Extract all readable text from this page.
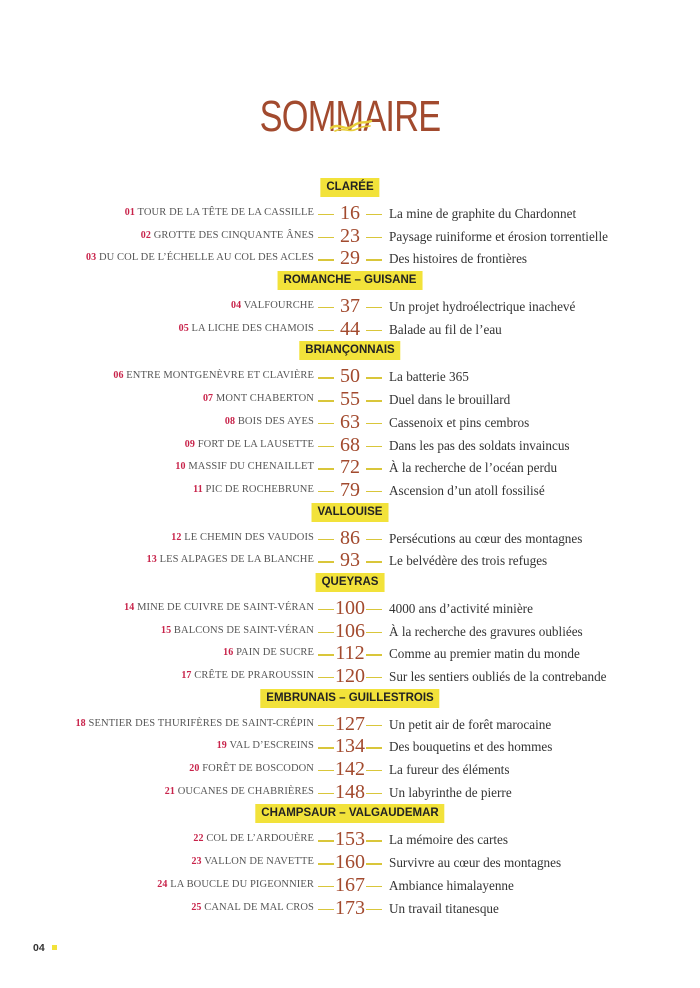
SOMMAIRE
CLARÉE
01 TOUR DE LA TÊTE DE LA CASSILLE	16	La mine de graphite du Chardonnet
02 GROTTE DES CINQUANTE ÂNES	23	Paysage ruiniforme et érosion torrentielle
03 DU COL DE L’ÉCHELLE AU COL DES ACLES	29	Des histoires de frontières
ROMANCHE – GUISANE
04 VALFOURCHE	37	Un projet hydroélectrique inachevé
05 LA LICHE DES CHAMOIS	44	Balade au fil de l’eau
BRIANÇONNAIS
06 ENTRE MONTGENÈVRE ET CLAVIÈRE	50	La batterie 365
07 MONT CHABERTON	55	Duel dans le brouillard
08 BOIS DES AYES	63	Cassenoix et pins cembros
09 FORT DE LA LAUSETTE	68	Dans les pas des soldats invaincus
10 MASSIF DU CHENAILLET	72	À la recherche de l’océan perdu
11 PIC DE ROCHEBRUNE	79	Ascension d’un atoll fossilisé
VALLOUISE
12 LE CHEMIN DES VAUDOIS	86	Persécutions au cœur des montagnes
13 LES ALPAGES DE LA BLANCHE	93	Le belvédère des trois refuges
QUEYRAS
14 MINE DE CUIVRE DE SAINT-VÉRAN 100	4000 ans d’activité minière
15 BALCONS DE SAINT-VÉRAN 106	À la recherche des gravures oubliées
16 PAIN DE SUCRE 112	Comme au premier matin du monde
17 CRÊTE DE PRAROUSSIN 120	Sur les sentiers oubliés de la contrebande
EMBRUNAIS – GUILLESTROIS
18 SENTIER DES THURIFÈRES DE SAINT-CRÉPIN 127	Un petit air de forêt marocaine
19 VAL D’ESCREINS 134	Des bouquetins et des hommes
20 FORÊT DE BOSCODON 142	La fureur des éléments
21 OUCANES DE CHABRIÈRES 148	Un labyrinthe de pierre
CHAMPSAUR – VALGAUDEMAR
22 COL DE L’ARDOUÈRE 153	La mémoire des cartes
23 VALLON DE NAVETTE 160	Survivre au cœur des montagnes
24 LA BOUCLE DU PIGEONNIER 167	Ambiance himalayenne
25 CANAL DE MAL CROS 173	Un travail titanesque
04
